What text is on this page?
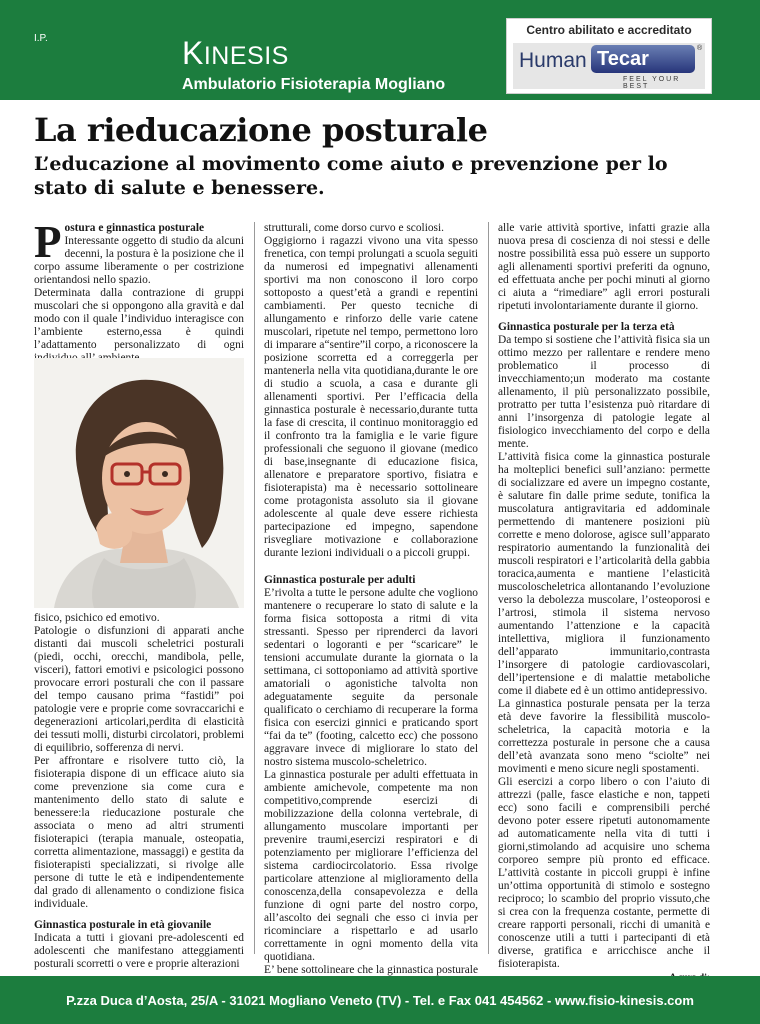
I.P.	KINESIS
Ambulatorio Fisioterapia Mogliano
Centro abilitato e accreditato
Human Tecar	®
FEEL YOUR BEST
La rieducazione posturale
L’educazione al movimento come aiuto e prevenzione per lo stato di salute e benessere.
P ostura e ginnastica posturale

Interessante oggetto di studio da alcuni decenni, la postura è la posizione che il corpo assume liberamente o per costrizione orientandosi nello spazio.

Determinata dalla contrazione di gruppi muscolari che si oppongono alla gravità e dal modo con il quale l’individuo interagisce con l’ambiente esterno,essa è quindi l’adattamento personalizzato di ogni

fisico, psichico ed emotivo.

Patologie o disfunzioni di apparati anche distanti dai muscoli scheletrici posturali (piedi, occhi, orecchi, mandibola, pelle, visceri), fattori emotivi e psicologici possono provocare errori posturali che con il passare del tempo causano prima “fastidi” poi patologie vere e proprie come sovraccarichi e degenerazioni articolari,perdita di elasticità dei tessuti molli, disturbi circolatori, problemi di equilibrio, sofferenza di nervi.

Per affrontare e risolvere tutto ciò, la fisioterapia dispone di un efficace aiuto sia come prevenzione sia come cura e mantenimento dello stato di salute e benessere:la rieducazione posturale che associata o meno ad altri strumenti fisioterapici (terapia manuale, osteopatia, corretta alimentazione, massaggi) e gestita da fisioterapisti specializzati, si rivolge alle persone di tutte le età e indipendentemente dal grado di allenamento o condizione fisica individuale.

Ginnastica posturale in età giovanile

Indicata a tutti i giovani pre-adolescenti ed adolescenti che manifestano atteggiamenti posturali scorretti o vere e proprie alterazioni

strutturali, come dorso curvo e scoliosi.

Oggigiorno i ragazzi vivono una vita spesso frenetica, con tempi prolungati a scuola seguiti da numerosi ed impegnativi allenamenti sportivi ma non conoscono il loro corpo sottoposto a quest’età a grandi e repentini cambiamenti. Per questo tecniche di allungamento e rinforzo delle varie catene muscolari, ripetute nel tempo, permettono loro di imparare a“sentire”il corpo, a riconoscere la posizione scorretta ed a correggerla per mantenerla nella vita quotidiana,durante le ore di studio a scuola, a casa e durante gli allenamenti sportivi. Per l’efficacia della ginnastica posturale è necessario,durante tutta la fase di crescita, il continuo monitoraggio ed il confronto tra la famiglia e le varie figure professionali che seguono il giovane (medico di base,insegnante di educazione fisica, allenatore e preparatore sportivo, fisiatra e fisioterapista) ma è necessario sottolineare come protagonista assoluto sia il giovane adolescente al quale deve essere richiesta partecipazione ed impegno, sapendone risvegliare motivazione e collaborazione durante lezioni individuali o a piccoli gruppi.

Ginnastica posturale per adulti

E’rivolta a tutte le persone adulte che vogliono mantenere o recuperare lo stato di salute e la forma fisica sottoposta a ritmi di vita stressanti. Spesso per riprenderci da lavori sedentari o logoranti e per “scaricare” le tensioni accumulate durante la giornata o la settimana, ci sottoponiamo ad attività sportive amatoriali o agonistiche talvolta non adeguatamente seguite da personale qualificato o cerchiamo di recuperare la forma fisica con esercizi ginnici e praticando sport “fai da te” (footing, calcetto ecc) che possono aggravare invece di migliorare lo stato del nostro sistema muscolo-scheletrico.

La ginnastica posturale per adulti effettuata in ambiente amichevole, competente ma non competitivo,comprende esercizi di mobilizzazione della colonna vertebrale, di allungamento muscolare importanti per prevenire traumi,esercizi respiratori e di potenziamento per migliorare l’efficienza del sistema cardiocircolatorio. Essa rivolge particolare attenzione al miglioramento della conoscenza,della consapevolezza e della funzione di ogni parte del nostro corpo, all’ascolto dei segnali che esso ci invia per ricominciare a rispettarlo e ad usarlo correttamente in ogni momento della vita quotidiana.

E’ bene sottolineare che la ginnastica posturale

alle varie attività sportive, infatti grazie alla nuova presa di coscienza di noi stessi e delle nostre possibilità essa può essere un supporto agli allenamenti sportivi preferiti da ognuno, ed effettuata anche per pochi minuti al giorno ci aiuta a “rimediare” agli errori posturali ripetuti involontariamente durante il giorno.

Ginnastica posturale per la terza età

Da tempo si sostiene che l’attività fisica sia un ottimo mezzo per rallentare e rendere meno problematico il processo di invecchiamento;un moderato ma costante allenamento, il più personalizzato possibile, protratto per tutta l’esistenza può ritardare di anni l’insorgenza di patologie legate al fisiologico invecchiamento del corpo e della mente.

L’attività fisica come la ginnastica posturale ha molteplici benefici sull’anziano: permette di socializzare ed avere un impegno costante, è salutare fin dalle prime sedute, tonifica la muscolatura antigravitaria ed addominale permettendo di mantenere posizioni più corrette e meno dolorose, agisce sull’apparato respiratorio aumentando la funzionalità dei muscoli respiratori e l’articolarità della gabbia toracica,aumenta e mantiene l’elasticità muscoloscheletrica allontanando l’evoluzione verso la debolezza muscolare, l’osteoporosi e l’artrosi, stimola il sistema nervoso aumentando l’attenzione e la capacità intellettiva, migliora il funzionamento dell’apparato immunitario,contrasta l’insorgere di patologie cardiovascolari, dell’ipertensione e di malattie metaboliche come il diabete ed è un ottimo antidepressivo.

La ginnastica posturale pensata per la terza età deve favorire la flessibilità muscolo-scheletrica, la capacità motoria e la correttezza posturale in persone che a causa dell’età avanzata sono meno “sciolte” nei movimenti e meno sicure negli spostamenti.

Gli esercizi a corpo libero o con l’aiuto di attrezzi (palle, fasce elastiche e non, tappeti ecc) sono facili e comprensibili perché devono poter essere ripetuti autonomamente ad automaticamente nella vita di tutti i giorni,stimolando ad acquisire uno schema corporeo sempre più pronto ed efficace. L’attività costante in piccoli gruppi è infine un’ottima opportunità di stimolo e sostegno reciproco; lo scambio del proprio vissuto,che si crea con la frequenza costante, permette di creare rapporti personali, ricchi di umanità e conoscenze utili a tutti i partecipanti di età diverse, gratifica e arricchisce anche il fisioterapista.

P.zza Duca d’Aosta, 25/A - 31021 Mogliano Veneto (TV) - Tel. e Fax 041 454562 - www.fisio-kinesis.com
